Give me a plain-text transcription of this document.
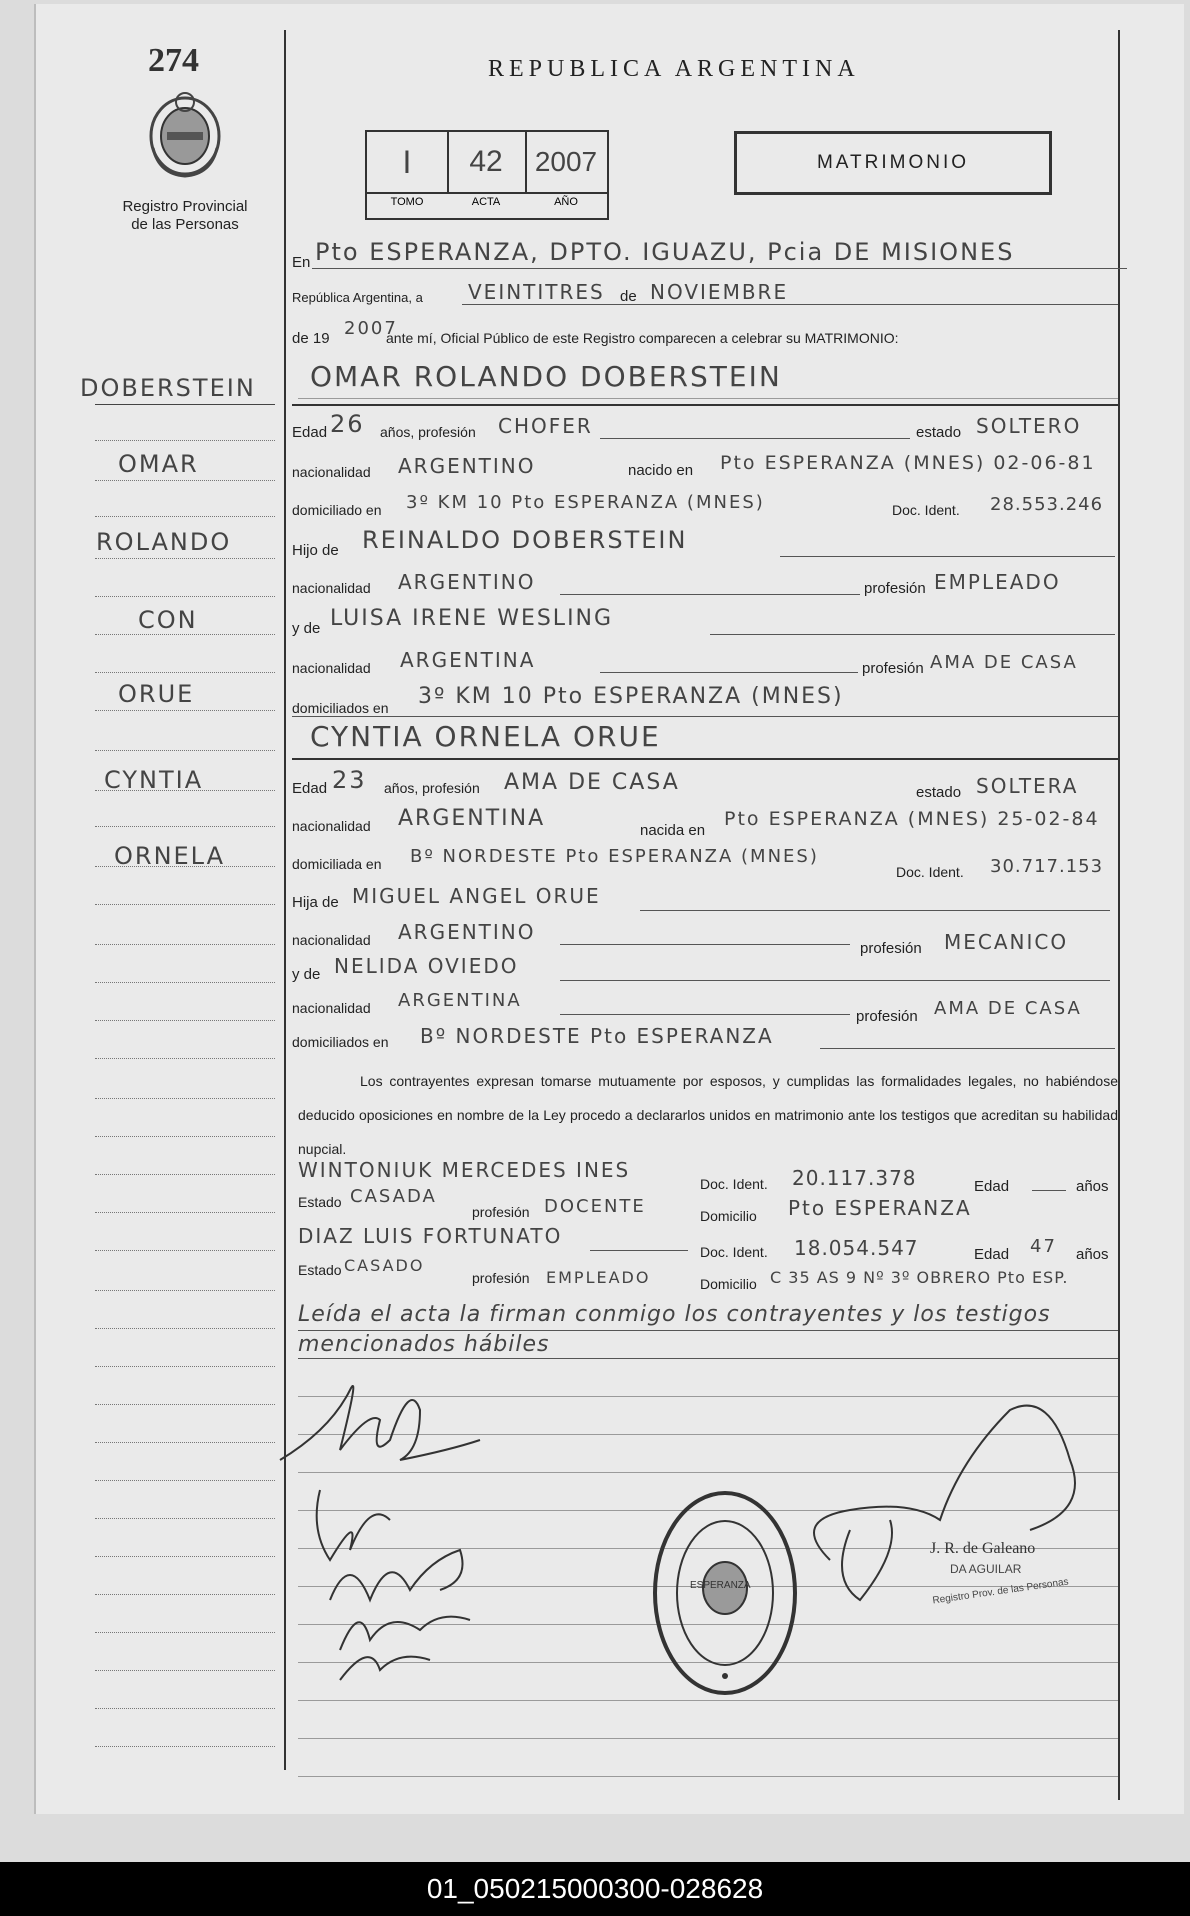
274
Registro Provincial
de las Personas
REPUBLICA ARGENTINA
MATRIMONIO
I	42	2007
TOMO	ACTA	AÑO
DOBERSTEIN
OMAR
ROLANDO
CON
ORUE
CYNTIA
ORNELA
En Pto ESPERANZA, DPTO. IGUAZU, Pcia DE MISIONES
República Argentina, a VEINTITRES de NOVIEMBRE
de 19 2007
ante mí, Oficial Público de este Registro comparecen a celebrar su MATRIMONIO:
OMAR ROLANDO DOBERSTEIN
Edad 26 años, profesión CHOFER	estado SOLTERO
nacionalidad ARGENTINO	nacido en Pto ESPERANZA (MNES) 02-06-81
domiciliado en 3º KM 10 Pto ESPERANZA (MNES)	Doc. Ident. 28.553.246
Hijo de REINALDO DOBERSTEIN
nacionalidad ARGENTINO	profesión EMPLEADO
y de LUISA IRENE WESLING
nacionalidad ARGENTINA	profesión AMA DE CASA
domiciliados en 3º KM 10 Pto ESPERANZA (MNES)
CYNTIA ORNELA ORUE
Edad 23 años, profesión AMA DE CASA	estado SOLTERA
nacionalidad ARGENTINA	nacida en
Pto ESPERANZA (MNES) 25-02-84
domiciliada en Bº NORDESTE Pto ESPERANZA (MNES)
Doc. Ident. 30.717.153
Hija de MIGUEL ANGEL ORUE
nacionalidad ARGENTINO
profesión MECANICO
y de NELIDA OVIEDO
nacionalidad ARGENTINA
profesión AMA DE CASA
domiciliados en Bº NORDESTE Pto ESPERANZA
Los contrayentes expresan tomarse mutuamente por esposos, y cumplidas las formalidades legales, no habiéndose deducido oposiciones en nombre de la Ley procedo a declararlos unidos en matrimonio ante los testigos que acreditan su habilidad nupcial.
WINTONIUK MERCEDES INES
Doc. Ident. 20.117.378	Edad	años
Estado CASADA
profesión DOCENTE	Domicilio Pto ESPERANZA
DIAZ LUIS FORTUNATO
Doc. Ident. 18.054.547	Edad 47 años
Estado CASADO
profesión EMPLEADO	Domicilio C 35 AS 9 Nº 3º OBRERO Pto ESP.
Leída el acta la firman conmigo los contrayentes y los testigos mencionados hábiles
ESPERANZA
J. R. de Galeano
DA AGUILAR
Registro Prov. de las Personas
01_050215000300-028628
